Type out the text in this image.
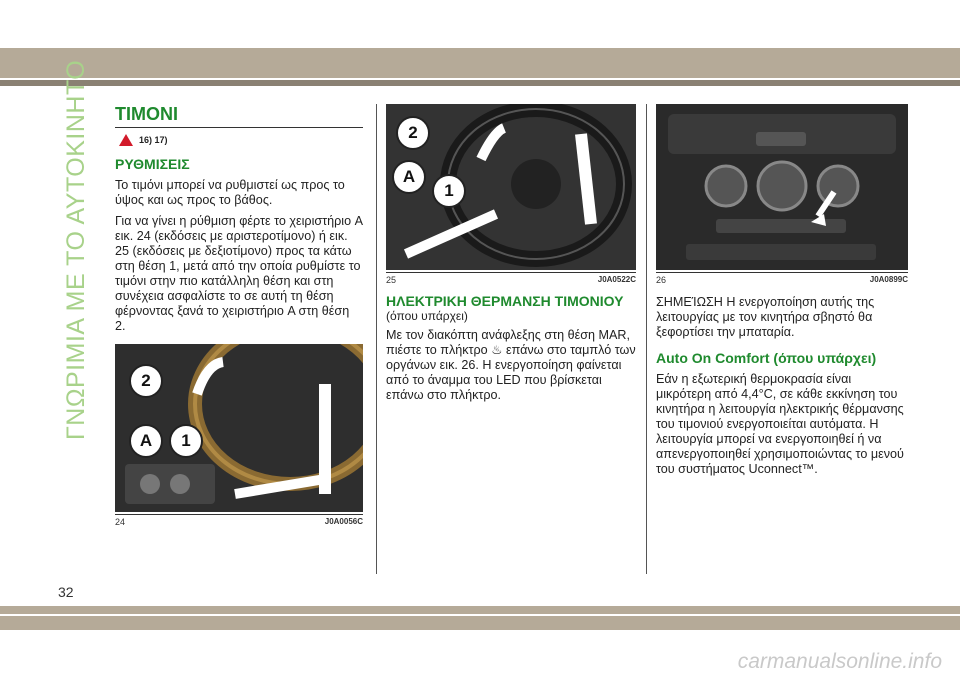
ΓΝΩΡΙΜΙΑ ΜΕ ΤΟ ΑΥΤΟΚΙΝΗΤΟ ΤΙΜΟΝΙ
16) 17)
ΡΥΘΜΙΣΕΙΣ

Το τιμόνι μπορεί να ρυθμιστεί ως προς το ύψος και ως προς το βάθος.

Για να γίνει η ρύθμιση φέρτε το χειριστήριο A εικ. 24 (εκδόσεις με αριστεροτίμονο) ή εικ. 25 (εκδόσεις με δεξιοτίμονο) προς τα κάτω στη θέση 1, μετά από την οποία ρυθμίστε το τιμόνι στην πιο κατάλληλη θέση και στη συνέχεια ασφαλίστε το σε αυτή τη θέση φέρνοντας ξανά το χειριστήριο A στη θέση 2.

2
A	1
24	J0A0056C
2
A
1
25	J0A0522C
ΗΛΕΚΤΡΙΚΗ ΘΕΡΜΑΝΣΗ ΤΙΜΟΝΙΟΥ

(όπου υπάρχει)

Με τον διακόπτη ανάφλεξης στη θέση MAR, πιέστε το πλήκτρο ♨ επάνω στο ταμπλό των οργάνων εικ. 26. Η ενεργοποίηση φαίνεται από το άναμμα του LED που βρίσκεται επάνω στο πλήκτρο.

26	J0A0899C

ΣΗΜΕΊΩΣΗ Η ενεργοποίηση αυτής της λειτουργίας με τον κινητήρα σβηστό θα ξεφορτίσει την μπαταρία.

Auto On Comfort (όπου υπάρχει)

Εάν η εξωτερική θερμοκρασία είναι μικρότερη από 4,4°C, σε κάθε εκκίνηση του κινητήρα η λειτουργία ηλεκτρικής θέρμανσης του τιμονιού ενεργοποιείται αυτόματα. Η λειτουργία μπορεί να ενεργοποιηθεί ή να απενεργοποιηθεί χρησιμοποιώντας το μενού του συστήματος Uconnect™.

32
carmanualsonline.info
